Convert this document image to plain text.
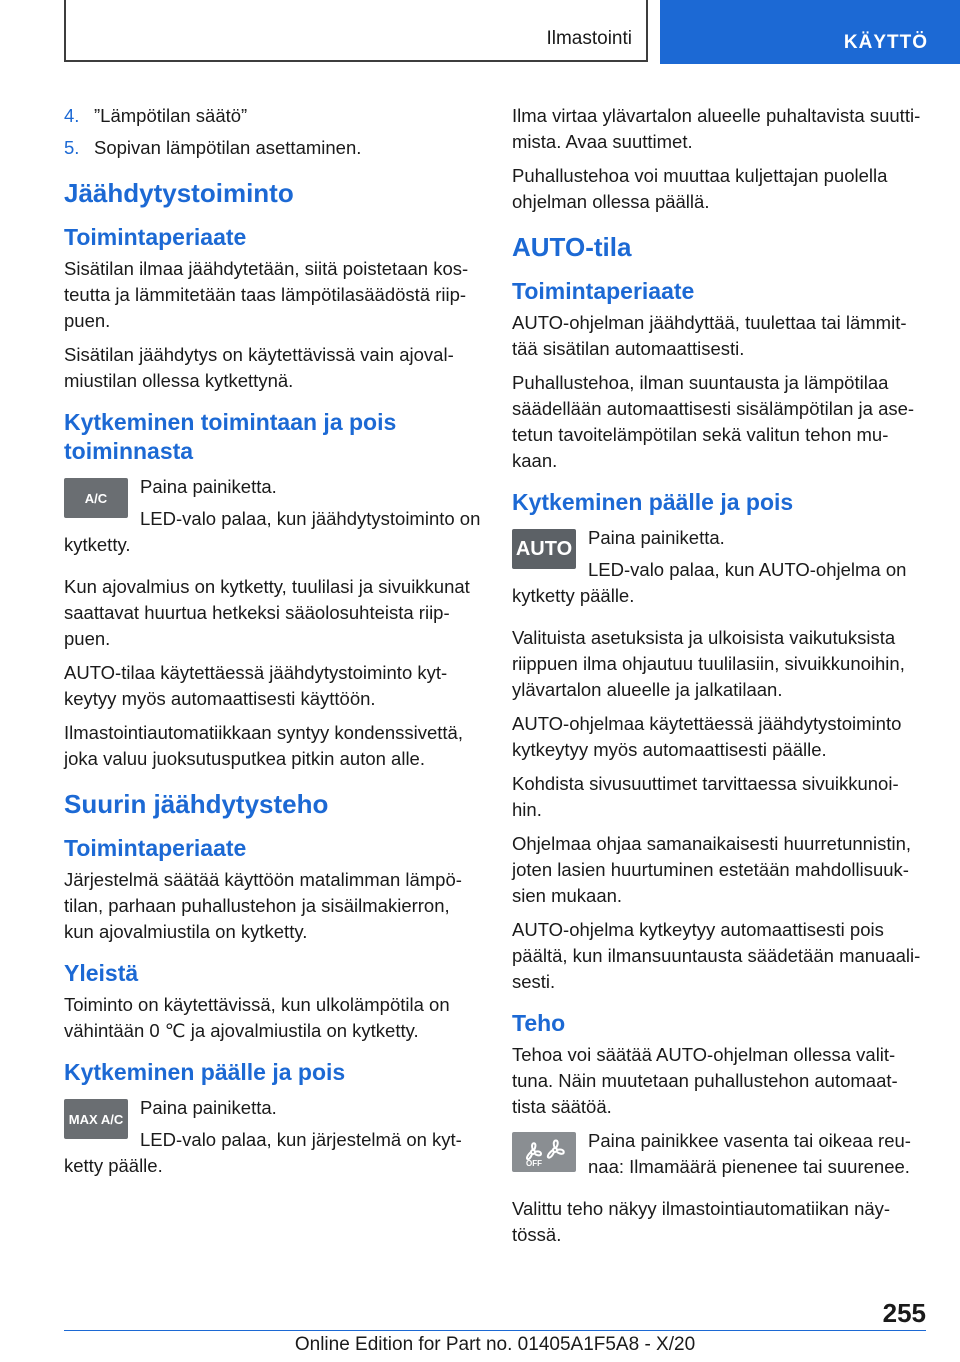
Ilmastointi	KÄYTTÖ
4. ”Lämpötilan säätö”
5. Sopivan lämpötilan asettaminen.
Jäähdytystoiminto
Toimintaperiaate

Sisätilan ilmaa jäähdytetään, siitä poistetaan kos-teutta ja lämmitetään taas lämpötilasäädöstä riip-puen.

Sisätilan jäähdytys on käytettävissä vain ajoval-miustilan ollessa kytkettynä.

Kytkeminen toimintaan ja pois toiminnasta
A/C

Paina painiketta.

LED-valo palaa, kun jäähdytystoiminto on kytketty.

Kun ajovalmius on kytketty, tuulilasi ja sivuikkunat saattavat huurtua hetkeksi sääolosuhteista riip-puen.

AUTO-tilaa käytettäessä jäähdytystoiminto kyt-keytyy myös automaattisesti käyttöön.

Ilmastointiautomatiikkaan syntyy kondenssivettä, joka valuu juoksutusputkea pitkin auton alle.

Suurin jäähdytysteho
Toimintaperiaate

Järjestelmä säätää käyttöön matalimman lämpö-tilan, parhaan puhallustehon ja sisäilmakierron, kun ajovalmiustila on kytketty.

Yleistä

Toiminto on käytettävissä, kun ulkolämpötila on vähintään 0 ℃ ja ajovalmiustila on kytketty.

Kytkeminen päälle ja pois
MAX A/C

Paina painiketta.

LED-valo palaa, kun järjestelmä on kyt-ketty päälle.

Ilma virtaa ylävartalon alueelle puhaltavista suutti-mista. Avaa suuttimet.

Puhallustehoa voi muuttaa kuljettajan puolella ohjelman ollessa päällä.

AUTO-tila
Toimintaperiaate

AUTO-ohjelman jäähdyttää, tuulettaa tai lämmit-tää sisätilan automaattisesti.

Puhallustehoa, ilman suuntausta ja lämpötilaa säädellään automaattisesti sisälämpötilan ja ase-tetun tavoitelämpötilan sekä valitun tehon mu-kaan.

Kytkeminen päälle ja pois
AUTO Paina painiketta.

LED-valo palaa, kun AUTO-ohjelma on kytketty päälle.

Valituista asetuksista ja ulkoisista vaikutuksista riippuen ilma ohjautuu tuulilasiin, sivuikkunoihin, ylävartalon alueelle ja jalkatilaan.

AUTO-ohjelmaa käytettäessä jäähdytystoiminto kytkeytyy myös automaattisesti päälle.

Kohdista sivusuuttimet tarvittaessa sivuikkunoi-hin.

Ohjelmaa ohjaa samanaikaisesti huurretunnistin, joten lasien huurtuminen estetään mahdollisuuk-sien mukaan.

AUTO-ohjelma kytkeytyy automaattisesti pois päältä, kun ilmansuuntausta säädetään manuaali-sesti.

Teho

Tehoa voi säätää AUTO-ohjelman ollessa valit-tuna. Näin muutetaan puhallustehon automaat-tista säätöä.

OFF

Paina painikkee vasenta tai oikeaa reu-naa: Ilmamäärä pienenee tai suurenee.

Valittu teho näkyy ilmastointiautomatiikan näy-tössä.

255
Online Edition for Part no. 01405A1F5A8 - X/20
